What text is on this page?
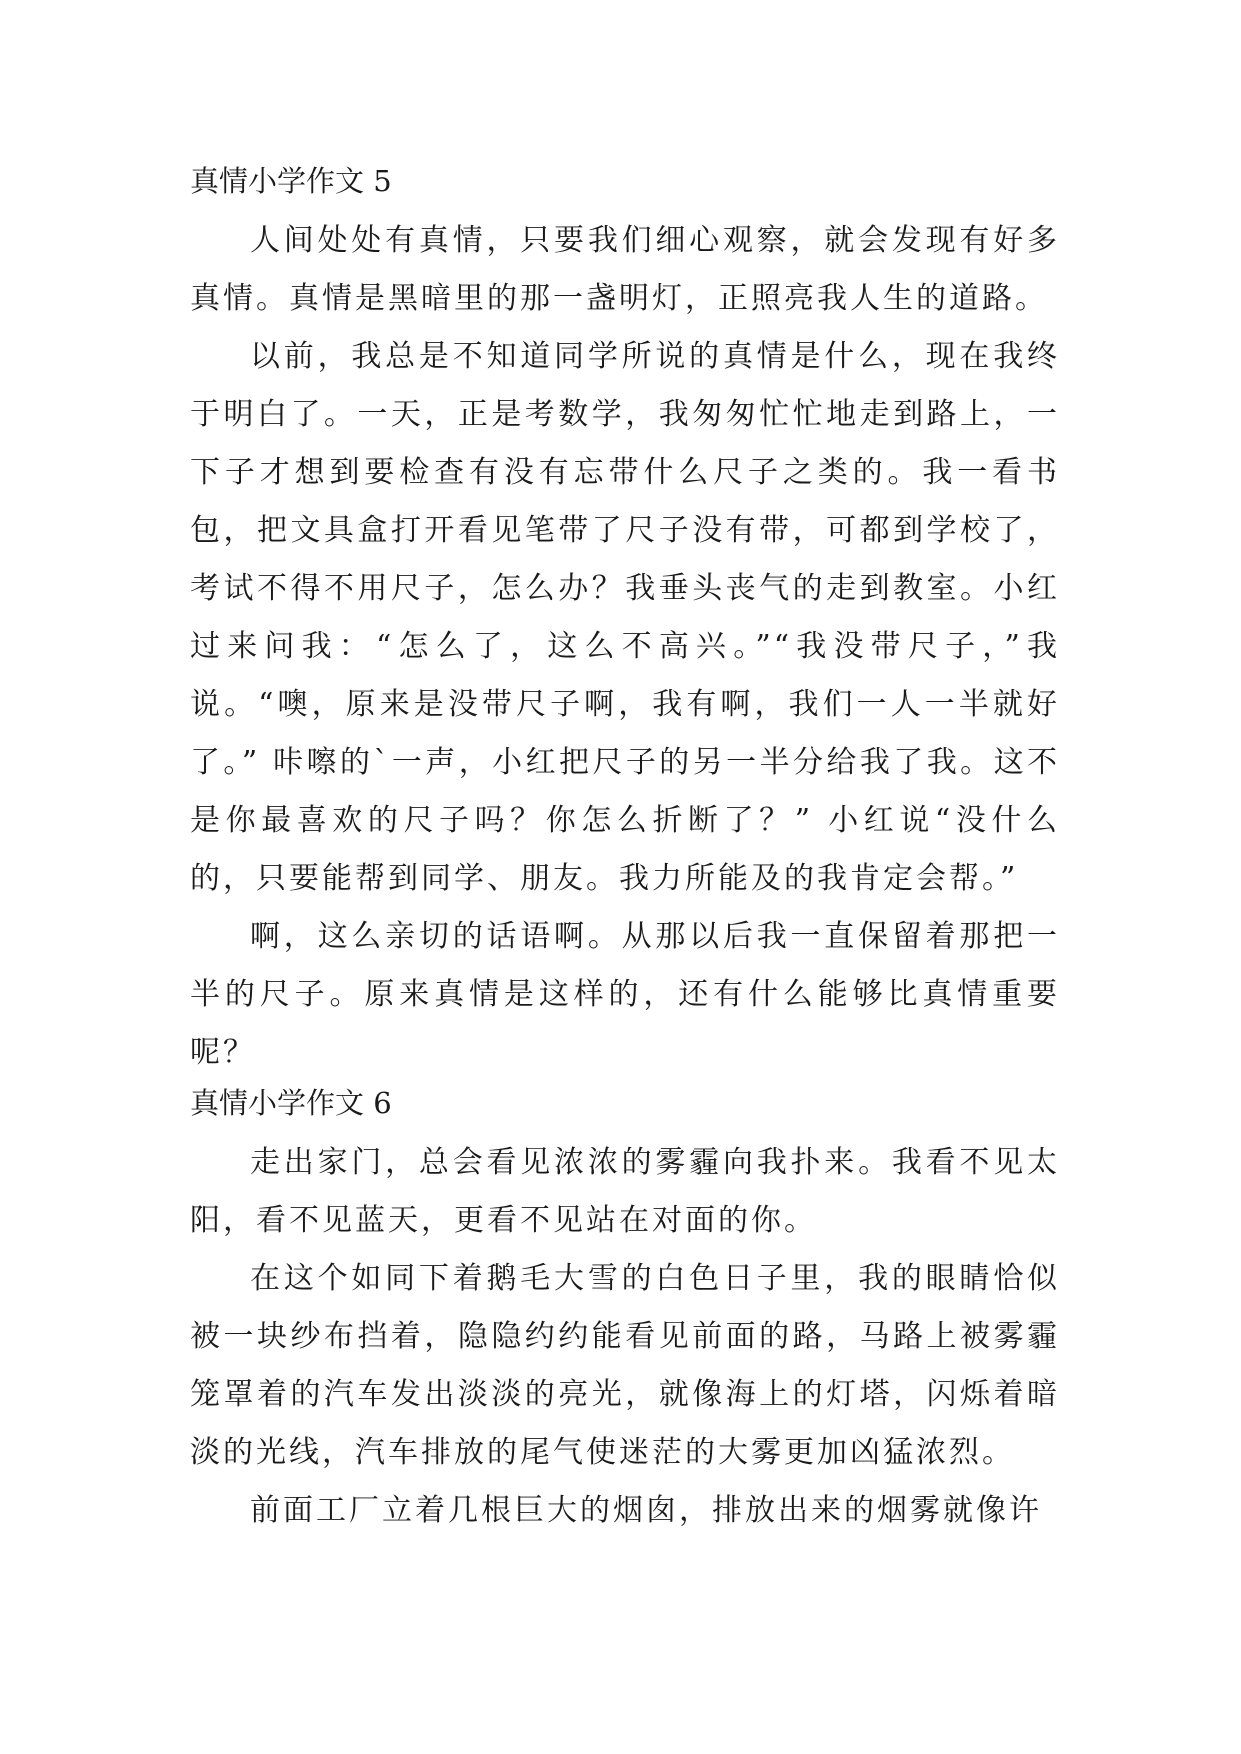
真情小学作文 5

人间处处有真情，只要我们细心观察，就会发现有好多真情。真情是黑暗里的那一盏明灯，正照亮我人生的道路。

以前，我总是不知道同学所说的真情是什么，现在我终于明白了。一天，正是考数学，我匆匆忙忙地走到路上，一下子才想到要检查有没有忘带什么尺子之类的。我一看书包，把文具盒打开看见笔带了尺子没有带，可都到学校了，考试不得不用尺子，怎么办？我垂头丧气的走到教室。小红过来问我：“怎么了，这么不高兴。”“我没带尺子，”我说。“噢，原来是没带尺子啊，我有啊，我们一人一半就好了。” 咔嚓的`一声，小红把尺子的另一半分给我了我。这不是你最喜欢的尺子吗？你怎么折断了？” 小红说“没什么的，只要能帮到同学、朋友。我力所能及的我肯定会帮。”

啊，这么亲切的话语啊。从那以后我一直保留着那把一半的尺子。原来真情是这样的，还有什么能够比真情重要呢？

真情小学作文 6

走出家门，总会看见浓浓的雾霾向我扑来。我看不见太阳，看不见蓝天，更看不见站在对面的你。

在这个如同下着鹅毛大雪的白色日子里，我的眼睛恰似被一块纱布挡着，隐隐约约能看见前面的路，马路上被雾霾笼罩着的汽车发出淡淡的亮光，就像海上的灯塔，闪烁着暗淡的光线，汽车排放的尾气使迷茫的大雾更加凶猛浓烈。

前面工厂立着几根巨大的烟囱，排放出来的烟雾就像许
